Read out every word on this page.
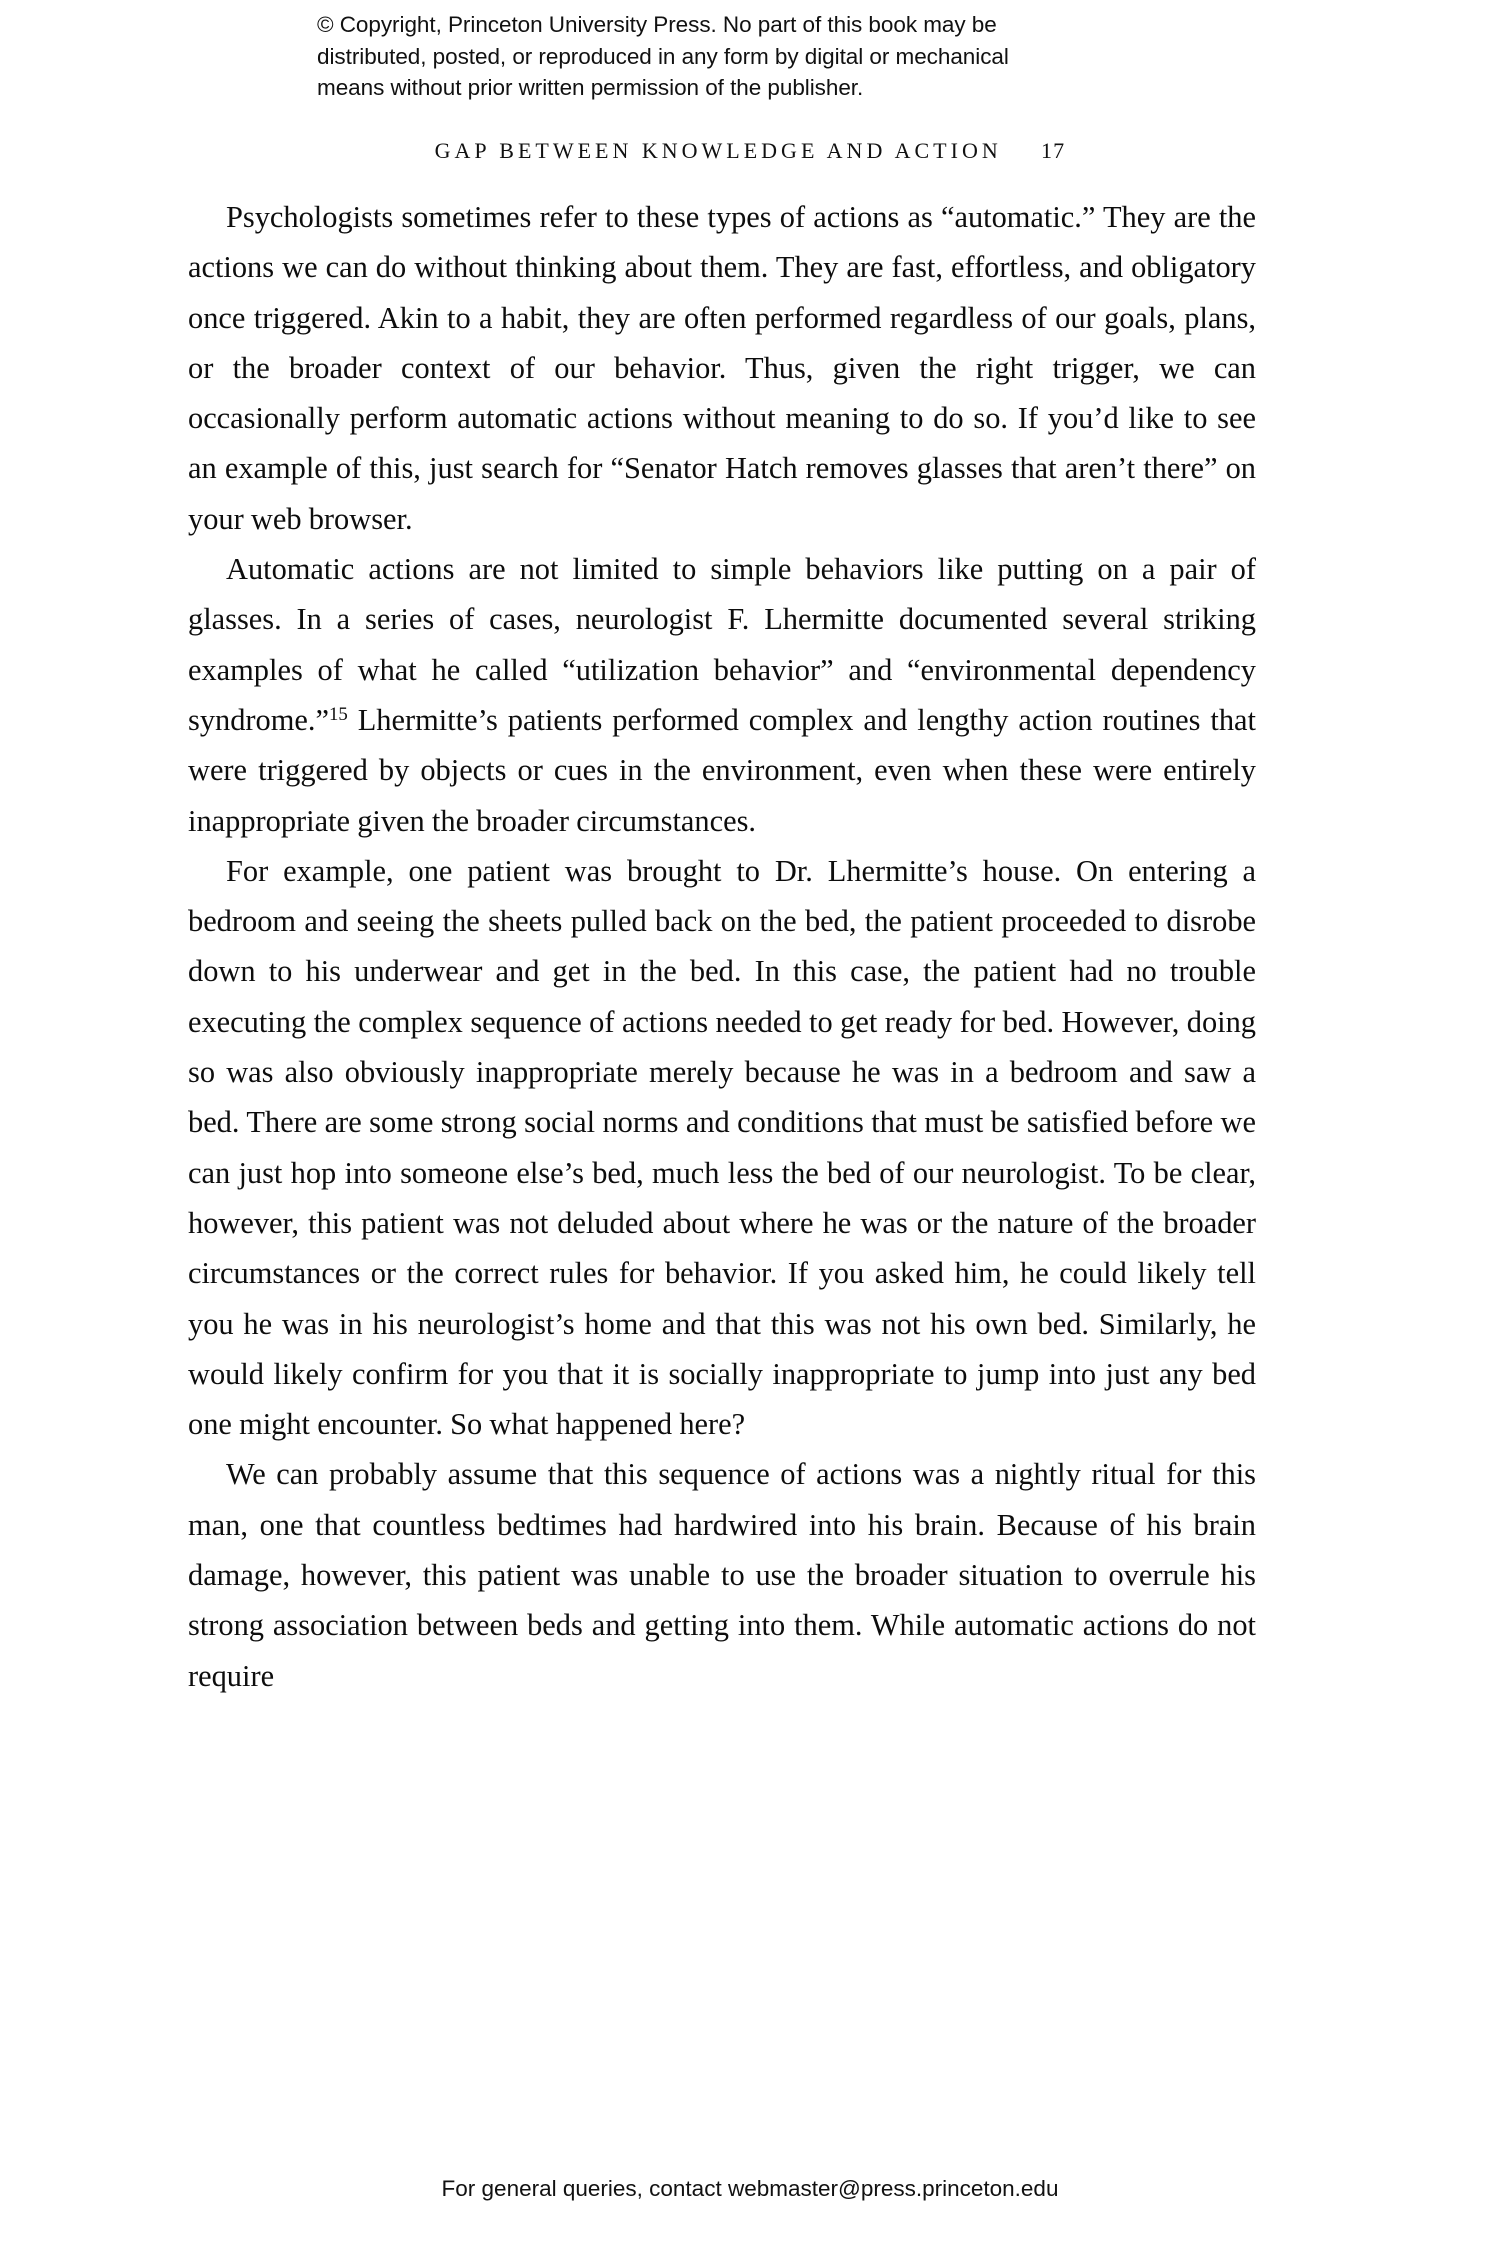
© Copyright, Princeton University Press. No part of this book may be
distributed, posted, or reproduced in any form by digital or mechanical
means without prior written permission of the publisher.
GAP BETWEEN KNOWLEDGE AND ACTION 17

Psychologists sometimes refer to these types of actions as “automatic.” They are the actions we can do without thinking about them. They are fast, effortless, and obligatory once triggered. Akin to a habit, they are often performed regardless of our goals, plans, or the broader context of our behavior. Thus, given the right trigger, we can occasionally perform automatic actions without meaning to do so. If you’d like to see an example of this, just search for “Senator Hatch removes glasses that aren’t there” on your web browser.

Automatic actions are not limited to simple behaviors like putting on a pair of glasses. In a series of cases, neurologist F. Lhermitte documented several striking examples of what he called “utilization behavior” and “environmental dependency syndrome.”$^{15}$ Lhermitte’s patients performed complex and lengthy action routines that were triggered by objects or cues in the environment, even when these were entirely inappropriate given the broader circumstances.

For example, one patient was brought to Dr. Lhermitte’s house. On entering a bedroom and seeing the sheets pulled back on the bed, the patient proceeded to disrobe down to his underwear and get in the bed. In this case, the patient had no trouble executing the complex sequence of actions needed to get ready for bed. However, doing so was also obviously inappropriate merely because he was in a bedroom and saw a bed. There are some strong social norms and conditions that must be satisfied before we can just hop into someone else’s bed, much less the bed of our neurologist. To be clear, however, this patient was not deluded about where he was or the nature of the broader circumstances or the correct rules for behavior. If you asked him, he could likely tell you he was in his neurologist’s home and that this was not his own bed. Similarly, he would likely confirm for you that it is socially inappropriate to jump into just any bed one might encounter. So what happened here?

We can probably assume that this sequence of actions was a nightly ritual for this man, one that countless bedtimes had hardwired into his brain. Because of his brain damage, however, this patient was unable to use the broader situation to overrule his strong association between beds and getting into them. While automatic actions do not require

For general queries, contact webmaster@press.princeton.edu
